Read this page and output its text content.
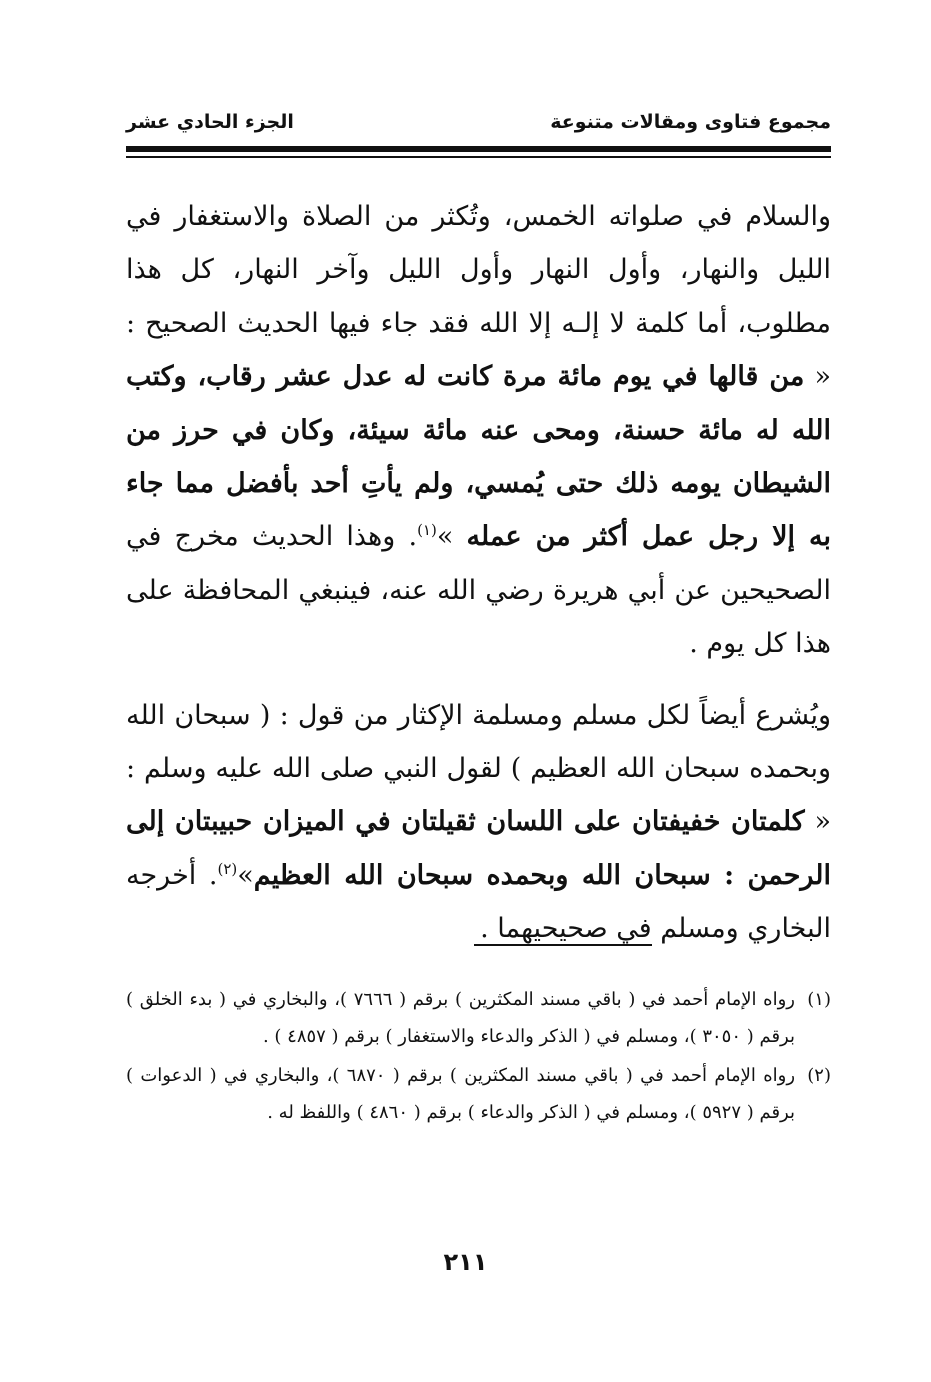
مجموع فتاوى ومقالات متنوعة
الجزء الحادي عشر

والسلام في صلواته الخمس، وتُكثر من الصلاة والاستغفار في الليل والنهار، وأول النهار وأول الليل وآخر النهار، كل هذا مطلوب، أما كلمة لا إلـه إلا الله فقد جاء فيها الحديث الصحيح : « من قالها في يوم مائة مرة كانت له عدل عشر رقاب، وكتب الله له مائة حسنة، ومحى عنه مائة سيئة، وكان في حرز من الشيطان يومه ذلك حتى يُمسي، ولم يأتِ أحد بأفضل مما جاء به إلا رجل عمل أكثر من عمله »$^{(١)}$. وهذا الحديث مخرج في الصحيحين عن أبي هريرة رضي الله عنه، فينبغي المحافظة على هذا كل يوم .

ويُشرع أيضاً لكل مسلم ومسلمة الإكثار من قول : ( سبحان الله وبحمده سبحان الله العظيم ) لقول النبي صلى الله عليه وسلم : « كلمتان خفيفتان على اللسان ثقيلتان في الميزان حبيبتان إلى الرحمن : سبحان الله وبحمده سبحان الله العظيم»$^{(٢)}$. أخرجه البخاري ومسلم في صحيحيهما .

(١)
رواه الإمام أحمد في ( باقي مسند المكثرين ) برقم ( ٧٦٦٦ )، والبخاري في ( بدء الخلق ) برقم ( ٣٠٥٠ )، ومسلم في ( الذكر والدعاء والاستغفار ) برقم ( ٤٨٥٧ ) .
(٢)
رواه الإمام أحمد في ( باقي مسند المكثرين ) برقم ( ٦٨٧٠ )، والبخاري في ( الدعوات ) برقم ( ٥٩٢٧ )، ومسلم في ( الذكر والدعاء ) برقم ( ٤٨٦٠ ) واللفظ له .
٢١١
